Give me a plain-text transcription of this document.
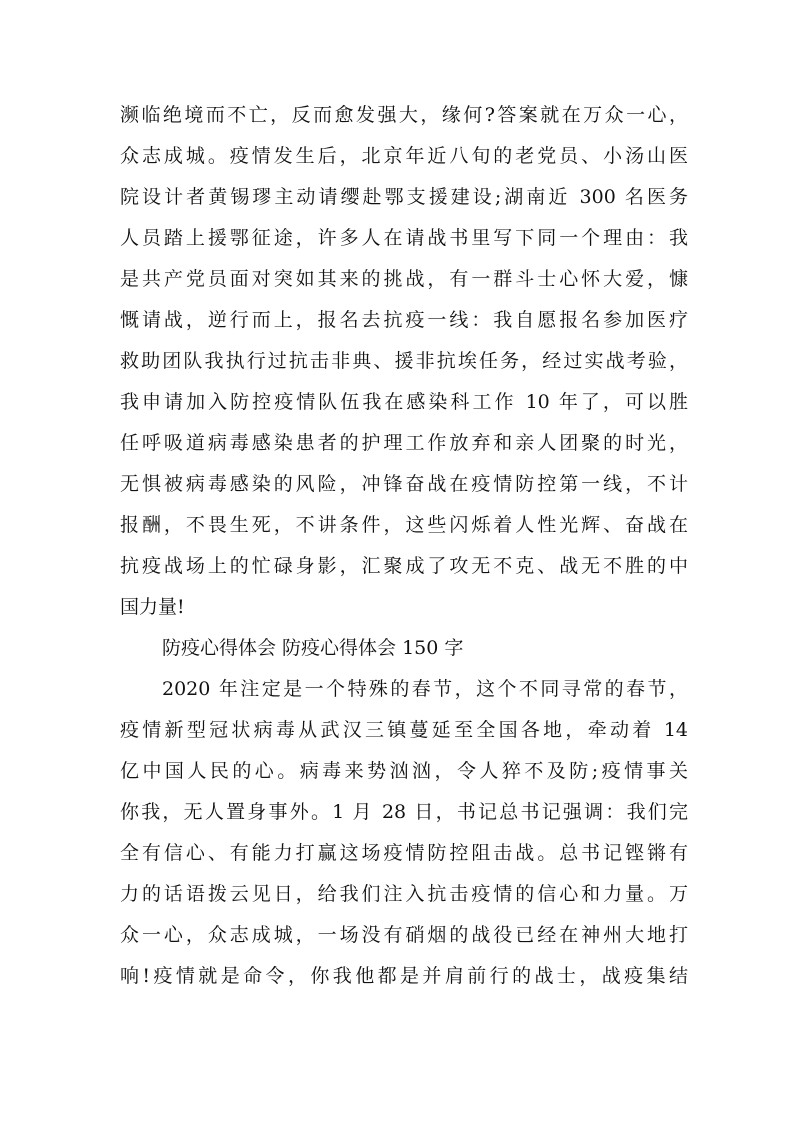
濒临绝境而不亡，反而愈发强大，缘何?答案就在万众一心，
众志成城。疫情发生后，北京年近八旬的老党员、小汤山医
院设计者黄锡璆主动请缨赴鄂支援建设;湖南近 300 名医务
人员踏上援鄂征途，许多人在请战书里写下同一个理由：我
是共产党员面对突如其来的挑战，有一群斗士心怀大爱，慷
慨请战，逆行而上，报名去抗疫一线：我自愿报名参加医疗
救助团队我执行过抗击非典、援非抗埃任务，经过实战考验，
我申请加入防控疫情队伍我在感染科工作 10 年了，可以胜
任呼吸道病毒感染患者的护理工作放弃和亲人团聚的时光，
无惧被病毒感染的风险，冲锋奋战在疫情防控第一线，不计
报酬，不畏生死，不讲条件，这些闪烁着人性光辉、奋战在
抗疫战场上的忙碌身影，汇聚成了攻无不克、战无不胜的中
国力量!
防疫心得体会 防疫心得体会 150 字
2020 年注定是一个特殊的春节，这个不同寻常的春节，
疫情新型冠状病毒从武汉三镇蔓延至全国各地，牵动着 14
亿中国人民的心。病毒来势汹汹，令人猝不及防;疫情事关
你我，无人置身事外。1 月 28 日，书记总书记强调：我们完
全有信心、有能力打赢这场疫情防控阻击战。总书记铿锵有
力的话语拨云见日，给我们注入抗击疫情的信心和力量。万
众一心，众志成城，一场没有硝烟的战役已经在神州大地打
响!疫情就是命令，你我他都是并肩前行的战士，战疫集结
